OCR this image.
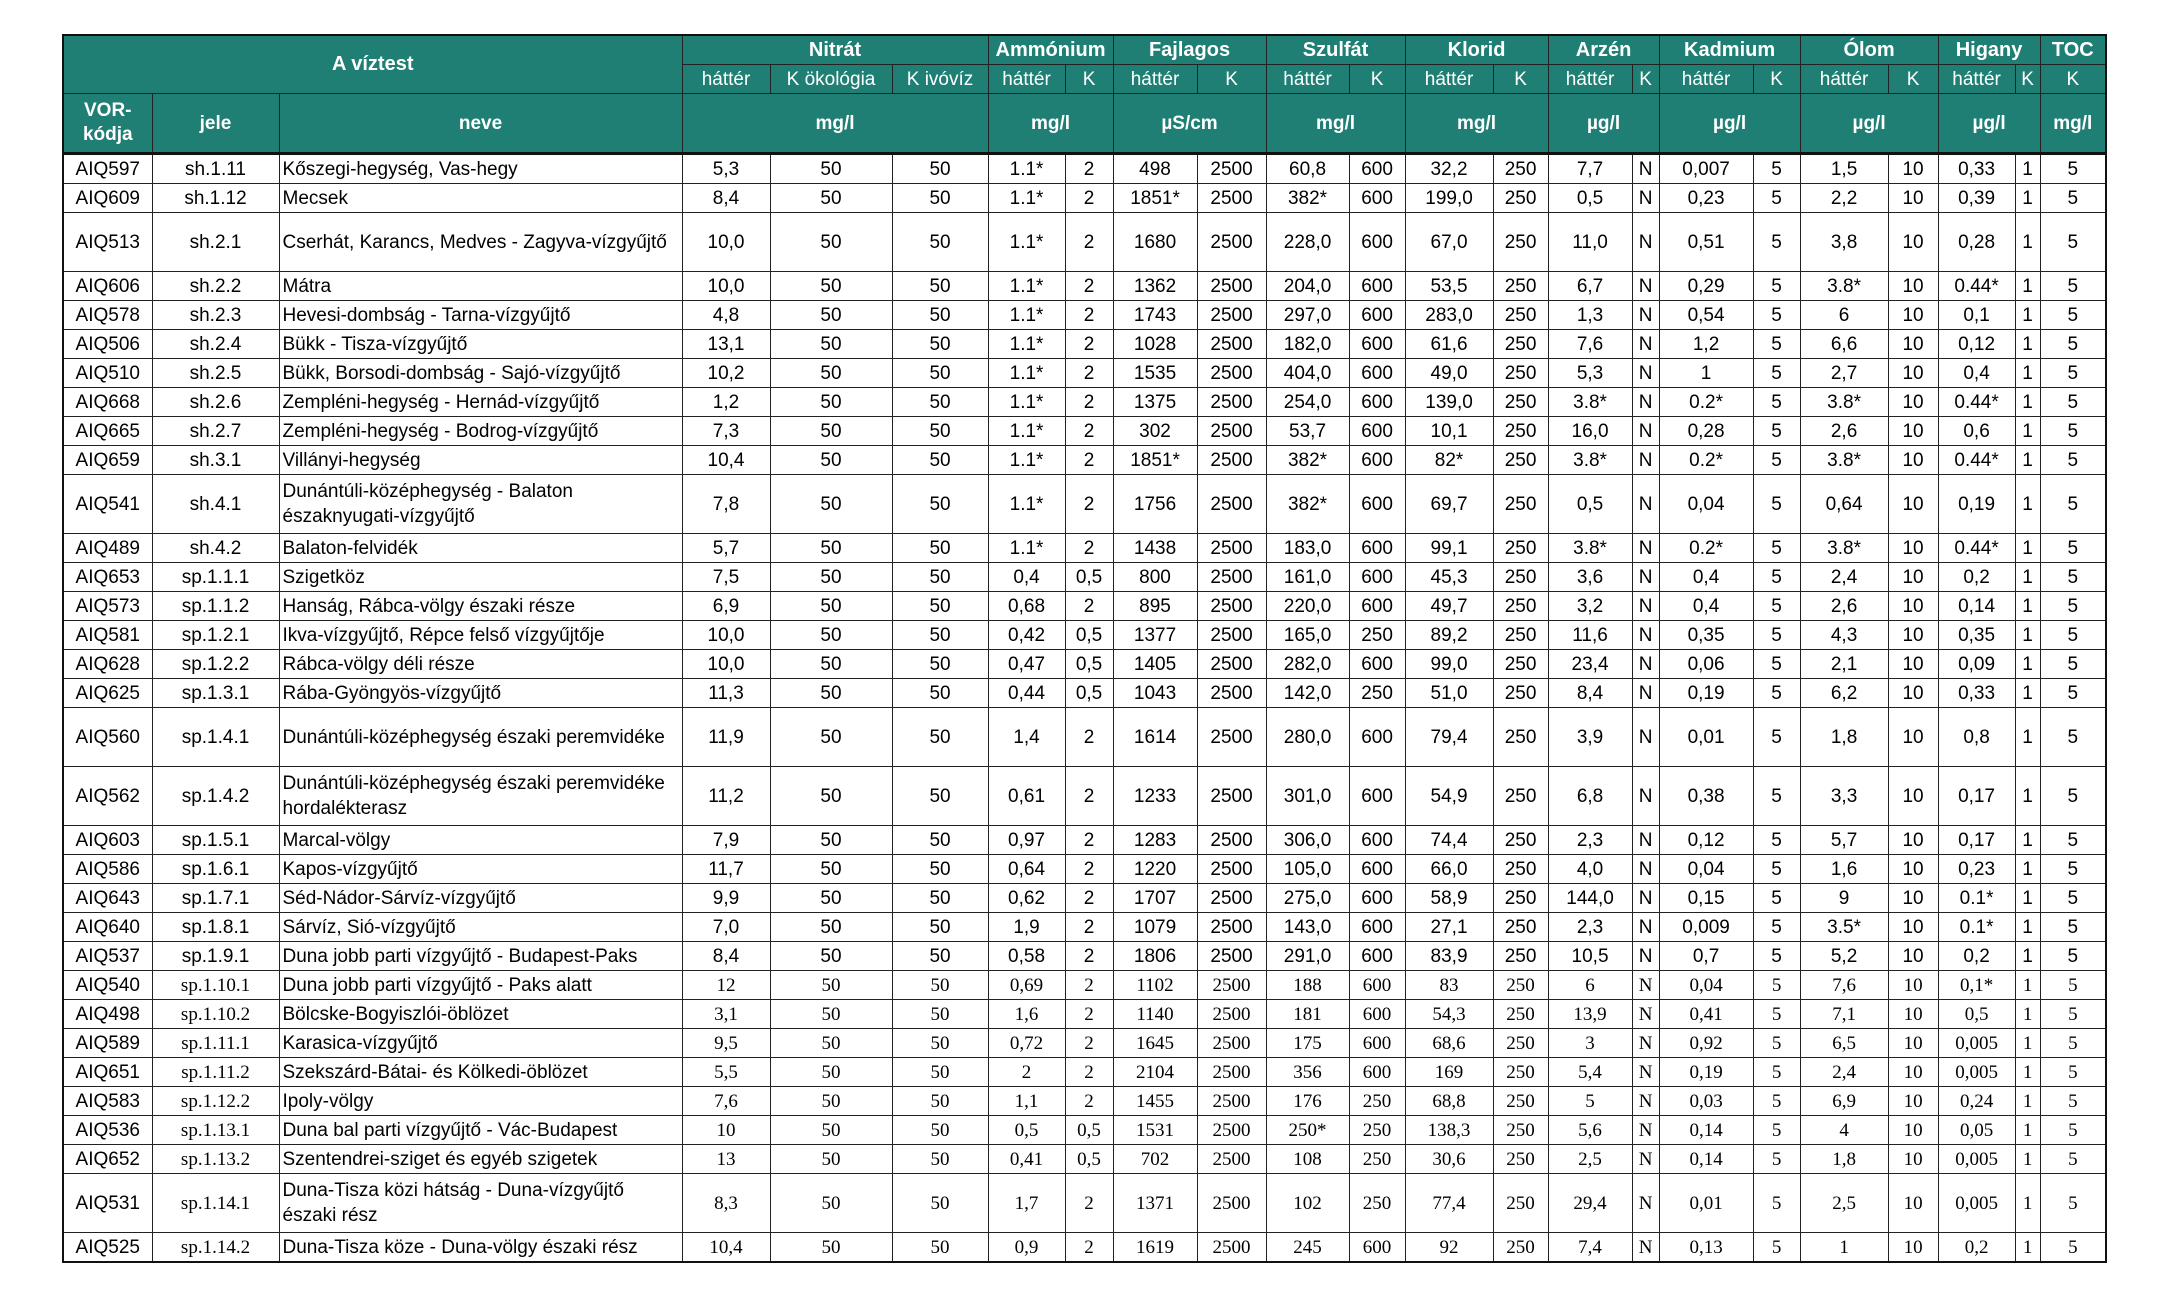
A víztest			Nitrát			Ammónium		Fajlagos		Szulfát		Klorid		Arzén		Kadmium		Ólom		Higany		TOC
			háttér	K ökológia	K ivóvíz	háttér	K	háttér	K	háttér	K	háttér	K	háttér	K	háttér	K	háttér	K	háttér	K	K
VOR-kódja	jele	neve	mg/l			mg/l		µS/cm		mg/l		mg/l		µg/l		µg/l		µg/l		µg/l		mg/l
AIQ597	sh.1.11	Kőszegi-hegység, Vas-hegy	5,3	50	50	1.1*	2	498	2500	60,8	600	32,2	250	7,7	N	0,007	5	1,5	10	0,33	1	5
AIQ609	sh.1.12	Mecsek	8,4	50	50	1.1*	2	1851*	2500	382*	600	199,0	250	0,5	N	0,23	5	2,2	10	0,39	1	5
AIQ513	sh.2.1	Cserhát, Karancs, Medves - Zagyva-vízgyűjtő	10,0	50	50	1.1*	2	1680	2500	228,0	600	67,0	250	11,0	N	0,51	5	3,8	10	0,28	1	5
AIQ606	sh.2.2	Mátra	10,0	50	50	1.1*	2	1362	2500	204,0	600	53,5	250	6,7	N	0,29	5	3.8*	10	0.44*	1	5
AIQ578	sh.2.3	Hevesi-dombság - Tarna-vízgyűjtő	4,8	50	50	1.1*	2	1743	2500	297,0	600	283,0	250	1,3	N	0,54	5	6	10	0,1	1	5
AIQ506	sh.2.4	Bükk - Tisza-vízgyűjtő	13,1	50	50	1.1*	2	1028	2500	182,0	600	61,6	250	7,6	N	1,2	5	6,6	10	0,12	1	5
AIQ510	sh.2.5	Bükk, Borsodi-dombság - Sajó-vízgyűjtő	10,2	50	50	1.1*	2	1535	2500	404,0	600	49,0	250	5,3	N	1	5	2,7	10	0,4	1	5
AIQ668	sh.2.6	Zempléni-hegység - Hernád-vízgyűjtő	1,2	50	50	1.1*	2	1375	2500	254,0	600	139,0	250	3.8*	N	0.2*	5	3.8*	10	0.44*	1	5
AIQ665	sh.2.7	Zempléni-hegység - Bodrog-vízgyűjtő	7,3	50	50	1.1*	2	302	2500	53,7	600	10,1	250	16,0	N	0,28	5	2,6	10	0,6	1	5
AIQ659	sh.3.1	Villányi-hegység	10,4	50	50	1.1*	2	1851*	2500	382*	600	82*	250	3.8*	N	0.2*	5	3.8*	10	0.44*	1	5
AIQ541	sh.4.1	Dunántúli-középhegység - Balaton északnyugati-vízgyűjtő	7,8	50	50	1.1*	2	1756	2500	382*	600	69,7	250	0,5	N	0,04	5	0,64	10	0,19	1	5
AIQ489	sh.4.2	Balaton-felvidék	5,7	50	50	1.1*	2	1438	2500	183,0	600	99,1	250	3.8*	N	0.2*	5	3.8*	10	0.44*	1	5
AIQ653	sp.1.1.1	Szigetköz	7,5	50	50	0,4	0,5	800	2500	161,0	600	45,3	250	3,6	N	0,4	5	2,4	10	0,2	1	5
AIQ573	sp.1.1.2	Hanság, Rábca-völgy északi része	6,9	50	50	0,68	2	895	2500	220,0	600	49,7	250	3,2	N	0,4	5	2,6	10	0,14	1	5
AIQ581	sp.1.2.1	Ikva-vízgyűjtő, Répce felső vízgyűjtője	10,0	50	50	0,42	0,5	1377	2500	165,0	250	89,2	250	11,6	N	0,35	5	4,3	10	0,35	1	5
AIQ628	sp.1.2.2	Rábca-völgy déli része	10,0	50	50	0,47	0,5	1405	2500	282,0	600	99,0	250	23,4	N	0,06	5	2,1	10	0,09	1	5
AIQ625	sp.1.3.1	Rába-Gyöngyös-vízgyűjtő	11,3	50	50	0,44	0,5	1043	2500	142,0	250	51,0	250	8,4	N	0,19	5	6,2	10	0,33	1	5
AIQ560	sp.1.4.1	Dunántúli-középhegység északi peremvidéke	11,9	50	50	1,4	2	1614	2500	280,0	600	79,4	250	3,9	N	0,01	5	1,8	10	0,8	1	5
AIQ562	sp.1.4.2	Dunántúli-középhegység északi peremvidéke hordalékterasz	11,2	50	50	0,61	2	1233	2500	301,0	600	54,9	250	6,8	N	0,38	5	3,3	10	0,17	1	5
AIQ603	sp.1.5.1	Marcal-völgy	7,9	50	50	0,97	2	1283	2500	306,0	600	74,4	250	2,3	N	0,12	5	5,7	10	0,17	1	5
AIQ586	sp.1.6.1	Kapos-vízgyűjtő	11,7	50	50	0,64	2	1220	2500	105,0	600	66,0	250	4,0	N	0,04	5	1,6	10	0,23	1	5
AIQ643	sp.1.7.1	Séd-Nádor-Sárvíz-vízgyűjtő	9,9	50	50	0,62	2	1707	2500	275,0	600	58,9	250	144,0	N	0,15	5	9	10	0.1*	1	5
AIQ640	sp.1.8.1	Sárvíz, Sió-vízgyűjtő	7,0	50	50	1,9	2	1079	2500	143,0	600	27,1	250	2,3	N	0,009	5	3.5*	10	0.1*	1	5
AIQ537	sp.1.9.1	Duna jobb parti vízgyűjtő - Budapest-Paks	8,4	50	50	0,58	2	1806	2500	291,0	600	83,9	250	10,5	N	0,7	5	5,2	10	0,2	1	5
AIQ540	sp.1.10.1	Duna jobb parti vízgyűjtő - Paks alatt	12	50	50	0,69	2	1102	2500	188	600	83	250	6	N	0,04	5	7,6	10	0,1*	1	5
AIQ498	sp.1.10.2	Bölcske-Bogyiszlói-öblözet	3,1	50	50	1,6	2	1140	2500	181	600	54,3	250	13,9	N	0,41	5	7,1	10	0,5	1	5
AIQ589	sp.1.11.1	Karasica-vízgyűjtő	9,5	50	50	0,72	2	1645	2500	175	600	68,6	250	3	N	0,92	5	6,5	10	0,005	1	5
AIQ651	sp.1.11.2	Szekszárd-Bátai- és Kölkedi-öblözet	5,5	50	50	2	2	2104	2500	356	600	169	250	5,4	N	0,19	5	2,4	10	0,005	1	5
AIQ583	sp.1.12.2	Ipoly-völgy	7,6	50	50	1,1	2	1455	2500	176	250	68,8	250	5	N	0,03	5	6,9	10	0,24	1	5
AIQ536	sp.1.13.1	Duna bal parti vízgyűjtő - Vác-Budapest	10	50	50	0,5	0,5	1531	2500	250*	250	138,3	250	5,6	N	0,14	5	4	10	0,05	1	5
AIQ652	sp.1.13.2	Szentendrei-sziget és egyéb szigetek	13	50	50	0,41	0,5	702	2500	108	250	30,6	250	2,5	N	0,14	5	1,8	10	0,005	1	5
AIQ531	sp.1.14.1	Duna-Tisza közi hátság - Duna-vízgyűjtő északi rész	8,3	50	50	1,7	2	1371	2500	102	250	77,4	250	29,4	N	0,01	5	2,5	10	0,005	1	5
AIQ525	sp.1.14.2	Duna-Tisza köze - Duna-völgy északi rész	10,4	50	50	0,9	2	1619	2500	245	600	92	250	7,4	N	0,13	5	1	10	0,2	1	5
